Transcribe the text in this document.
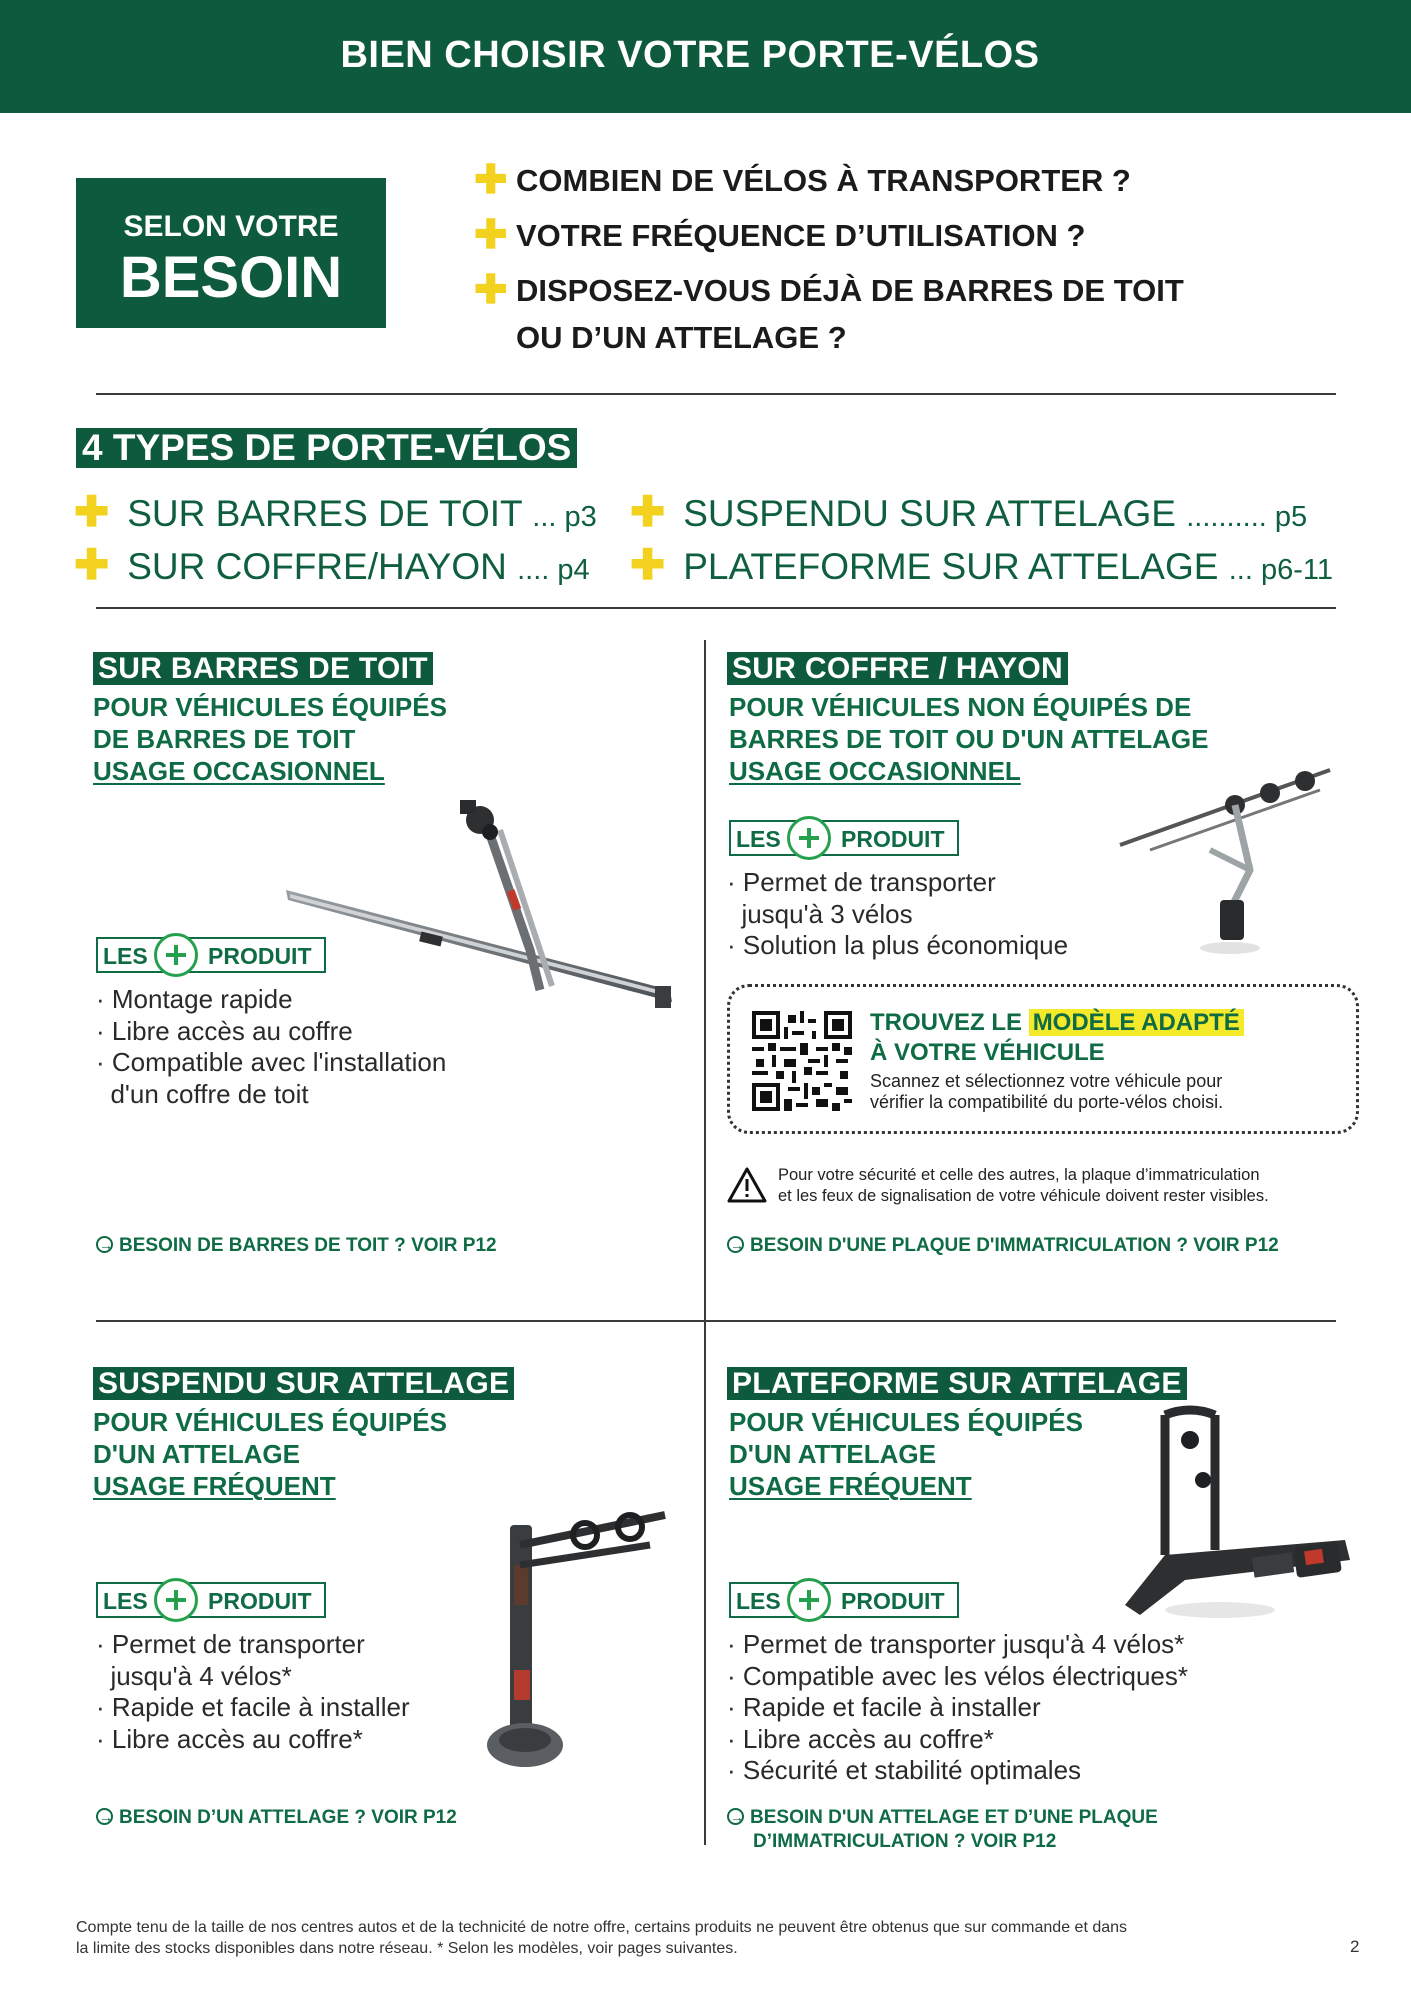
BIEN CHOISIR VOTRE PORTE-VÉLOS
SELON VOTRE
BESOIN
✚ COMBIEN DE VÉLOS À TRANSPORTER ?
✚ VOTRE FRÉQUENCE D’UTILISATION ?
✚ DISPOSEZ-VOUS DÉJÀ DE BARRES DE TOIT
OU D’UN ATTELAGE ?
4 TYPES DE PORTE-VÉLOS
✚ SUR BARRES DE TOIT ... p3
✚ SUR COFFRE/HAYON .... p4
✚ SUSPENDU SUR ATTELAGE .......... p5
✚ PLATEFORME SUR ATTELAGE ... p6-11
SUR BARRES DE TOIT
POUR VÉHICULES ÉQUIPÉS
DE BARRES DE TOIT
USAGE OCCASIONNEL
LES	PRODUIT
· Montage rapide
· Libre accès au coffre
· Compatible avec l'installation
d'un coffre de toit
→BESOIN DE BARRES DE TOIT ? VOIR P12
SUR COFFRE / HAYON
POUR VÉHICULES NON ÉQUIPÉS DE
BARRES DE TOIT OU D'UN ATTELAGE
USAGE OCCASIONNEL
LES	PRODUIT
· Permet de transporter
jusqu'à 3 vélos
· Solution la plus économique
TROUVEZ LE MODÈLE ADAPTÉ
À VOTRE VÉHICULE
Scannez et sélectionnez votre véhicule pour
vérifier la compatibilité du porte-vélos choisi.
Pour votre sécurité et celle des autres, la plaque d’immatriculation
et les feux de signalisation de votre véhicule doivent rester visibles.
→BESOIN D'UNE PLAQUE D'IMMATRICULATION ? VOIR P12
SUSPENDU SUR ATTELAGE
POUR VÉHICULES ÉQUIPÉS
D'UN ATTELAGE
USAGE FRÉQUENT
LES	PRODUIT
· Permet de transporter
jusqu'à 4 vélos*
· Rapide et facile à installer
· Libre accès au coffre*
→BESOIN D’UN ATTELAGE ? VOIR P12
PLATEFORME SUR ATTELAGE
POUR VÉHICULES ÉQUIPÉS
D'UN ATTELAGE
USAGE FRÉQUENT
LES	PRODUIT
· Permet de transporter jusqu'à 4 vélos*
· Compatible avec les vélos électriques*
· Rapide et facile à installer
· Libre accès au coffre*
· Sécurité et stabilité optimales
→BESOIN D'UN ATTELAGE ET D’UNE PLAQUE
D’IMMATRICULATION ? VOIR P12
Compte tenu de la taille de nos centres autos et de la technicité de notre offre, certains produits ne peuvent être obtenus que sur commande et dans
la limite des stocks disponibles dans notre réseau. * Selon les modèles, voir pages suivantes.	2
